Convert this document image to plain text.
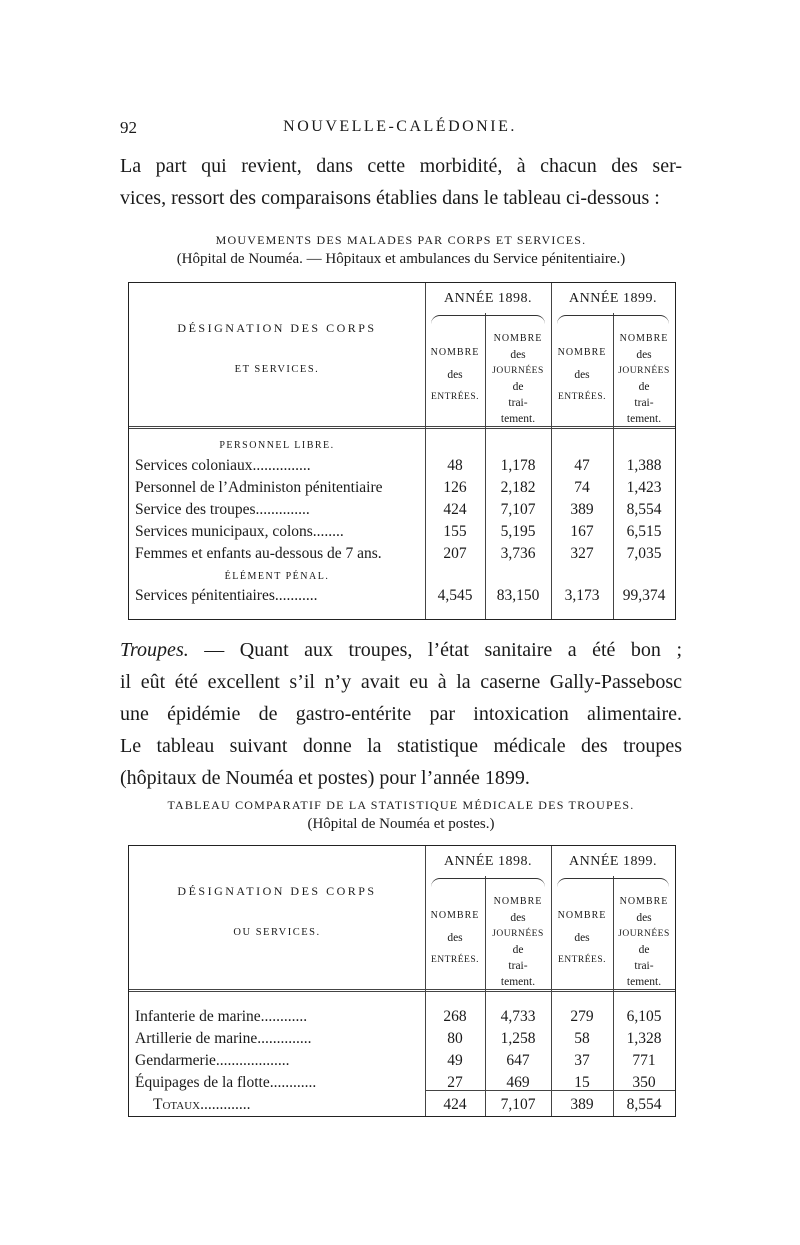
92	NOUVELLE-CALÉDONIE.
La part qui revient, dans cette morbidité, à chacun des ser-
vices, ressort des comparaisons établies dans le tableau ci-dessous :
MOUVEMENTS DES MALADES PAR CORPS ET SERVICES.
(Hôpital de Nouméa. — Hôpitaux et ambulances du Service pénitentiaire.)
DÉSIGNATION DES CORPS
ET SERVICES.
ANNÉE 1898.	ANNÉE 1899.
NOMBRE
des
ENTRÉES.
NOMBRE
des
JOURNÉES
de
trai-
tement.
NOMBRE
des
ENTRÉES.
NOMBRE
des
JOURNÉES
de
trai-
tement.
PERSONNEL LIBRE.
Services coloniaux...............	48	1,178	47	1,388
Personnel de l’Administon pénitentiaire	126	2,182	74	1,423
Service des troupes..............	424	7,107	389	8,554
Services municipaux, colons........	155	5,195	167	6,515
Femmes et enfants au-dessous de 7 ans.	207	3,736	327	7,035
ÉLÉMENT PÉNAL.
Services pénitentiaires...........	4,545	83,150	3,173	99,374
Troupes. — Quant aux troupes, l’état sanitaire a été bon ;
il eût été excellent s’il n’y avait eu à la caserne Gally-Passebosc
une épidémie de gastro-entérite par intoxication alimentaire.
Le tableau suivant donne la statistique médicale des troupes
(hôpitaux de Nouméa et postes) pour l’année 1899.
TABLEAU COMPARATIF DE LA STATISTIQUE MÉDICALE DES TROUPES.
(Hôpital de Nouméa et postes.)
DÉSIGNATION DES CORPS
OU SERVICES.
ANNÉE 1898.	ANNÉE 1899.
NOMBRE
des
ENTRÉES.
NOMBRE
des
JOURNÉES
de
trai-
tement.
NOMBRE
des
ENTRÉES.
NOMBRE
des
JOURNÉES
de
trai-
tement.
Infanterie de marine............	268	4,733	279	6,105
Artillerie de marine..............	80	1,258	58	1,328
Gendarmerie...................	49	647	37	771
Équipages de la flotte............	27	469	15	350
Totaux.............	424	7,107	389	8,554
